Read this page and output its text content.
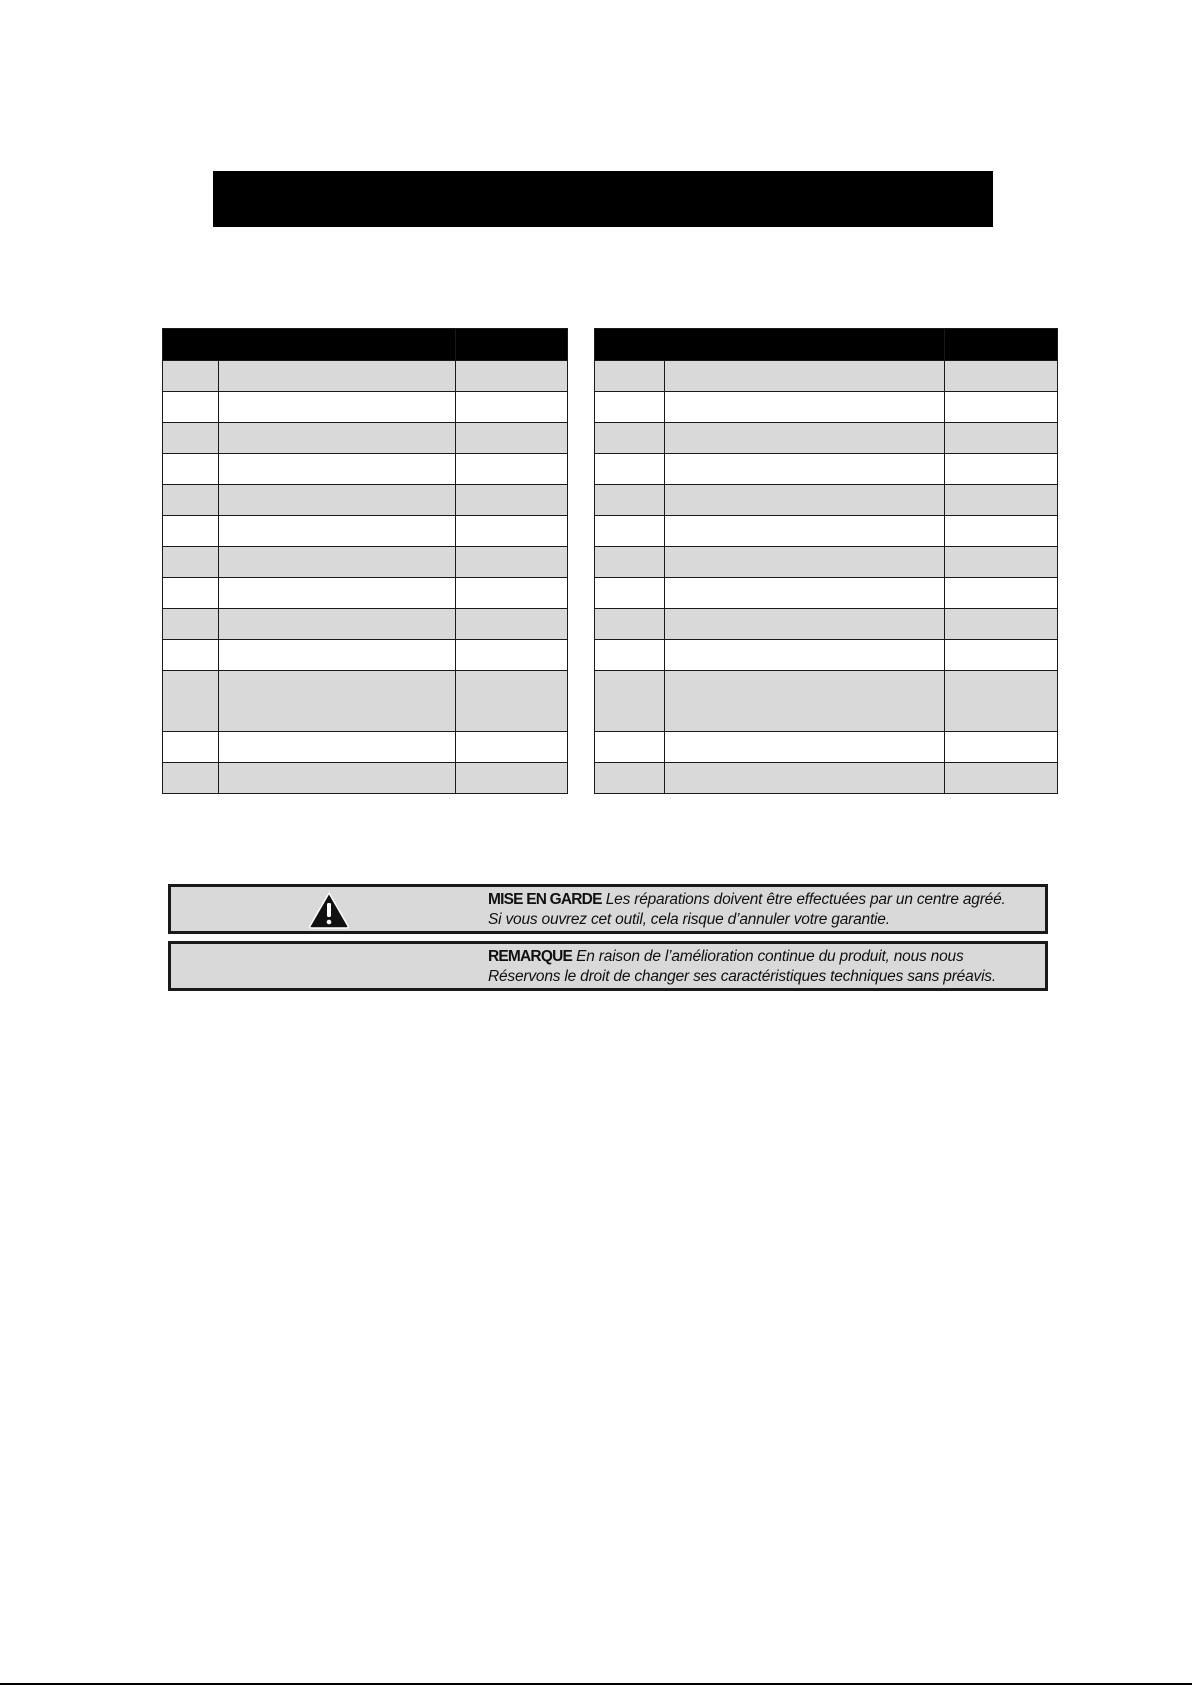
MISE EN GARDE Les réparations doivent être effectuées par un centre agréé.
Si vous ouvrez cet outil, cela risque d’annuler votre garantie.
REMARQUE En raison de l’amélioration continue du produit, nous nous
Réservons le droit de changer ses caractéristiques techniques sans préavis.
